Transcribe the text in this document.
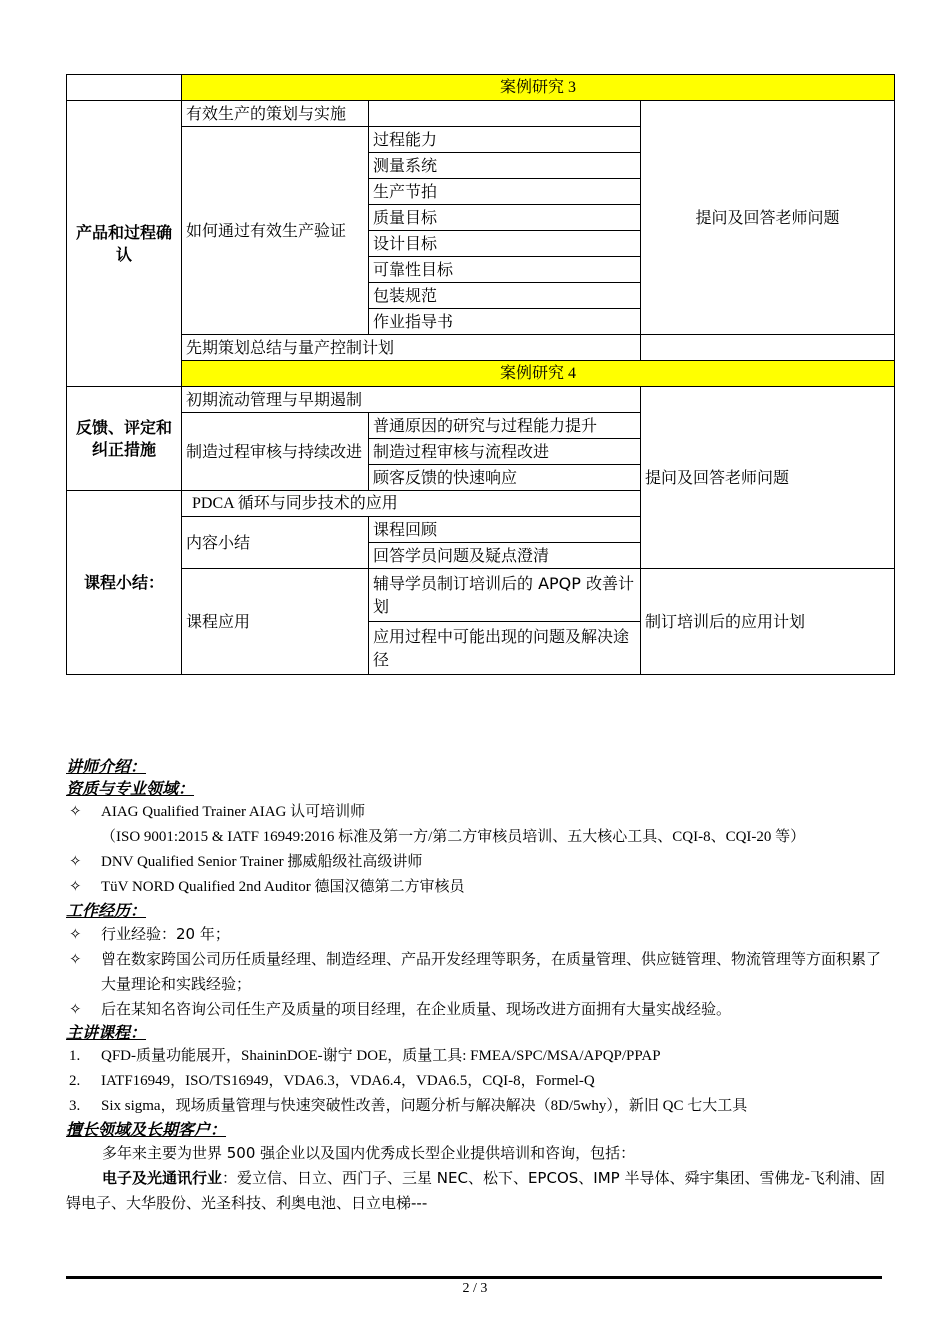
	案例研究 3		
产品和过程确认	有效生产的策划与实施		提问及回答老师问题
	如何通过有效生产验证	过程能力	
		测量系统	
		生产节拍	
		质量目标	
		设计目标	
		可靠性目标	
		包装规范	
		作业指导书	
	先期策划总结与量产控制计划		
	案例研究 4		
反馈、评定和纠正措施	初期流动管理与早期遏制		提问及回答老师问题
	制造过程审核与持续改进	普通原因的研究与过程能力提升	
		制造过程审核与流程改进	
		顾客反馈的快速响应	
课程小结：	PDCA 循环与同步技术的应用		
	内容小结	课程回顾	
		回答学员问题及疑点澄清	
	课程应用	辅导学员制订培训后的 APQP 改善计划	制订培训后的应用计划
		应用过程中可能出现的问题及解决途径	
讲师介绍：
资质与专业领域：
✧ AIAG Qualified Trainer AIAG 认可培训师
（ISO 9001:2015 & IATF 16949:2016 标准及第一方/第二方审核员培训、五大核心工具、CQI-8、CQI-20 等）
✧ DNV Qualified Senior Trainer 挪威船级社高级讲师
✧ TüV NORD Qualified 2nd Auditor 德国汉德第二方审核员
工作经历：
✧ 行业经验：20 年；
✧ 曾在数家跨国公司历任质量经理、制造经理、产品开发经理等职务，在质量管理、供应链管理、物流管理等方面积累了大量理论和实践经验；
✧ 后在某知名咨询公司任生产及质量的项目经理，在企业质量、现场改进方面拥有大量实战经验。
主讲课程：
1. QFD-质量功能展开，ShaininDOE-谢宁 DOE，质量工具: FMEA/SPC/MSA/APQP/PPAP
2. IATF16949，ISO/TS16949，VDA6.3，VDA6.4，VDA6.5，CQI-8，Formel-Q
3. Six sigma，现场质量管理与快速突破性改善，问题分析与解决解决（8D/5why），新旧 QC 七大工具
擅长领域及长期客户：
多年来主要为世界 500 强企业以及国内优秀成长型企业提供培训和咨询，包括：
电子及光通讯行业：爱立信、日立、西门子、三星 NEC、松下、EPCOS、IMP 半导体、舜宇集团、雪佛龙-飞利浦、固锝电子、大华股份、光圣科技、利奥电池、日立电梯---
2 / 3
